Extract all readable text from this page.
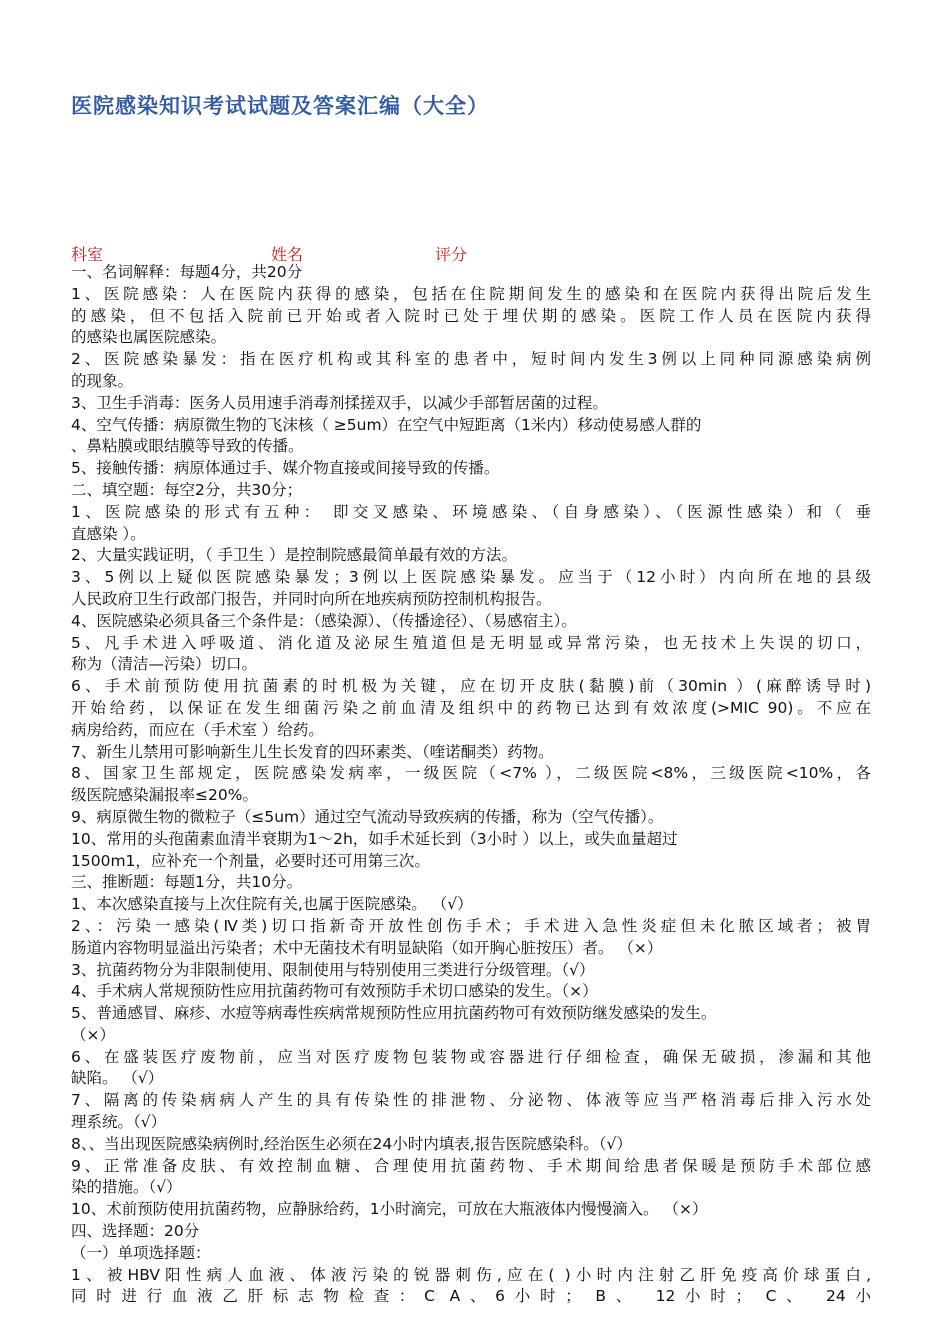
医院感染知识考试试题及答案汇编（大全）
科室	姓名	评分
一、名词解释：每题4分，共20分
1、医院感染：人在医院内获得的感染，包括在住院期间发生的感染和在医院内获得出院后发生
的感染，但不包括入院前已开始或者入院时已处于埋伏期的感染。医院工作人员在医院内获得
的感染也属医院感染。
2、医院感染暴发：指在医疗机构或其科室的患者中，短时间内发生3例以上同种同源感染病例
的现象。
3、卫生手消毒：医务人员用速手消毒剂揉搓双手，以减少手部暂居菌的过程。
4、空气传播：病原微生物的飞沫核（ ≥5um）在空气中短距离（1米内）移动使易感人群的
、鼻粘膜或眼结膜等导致的传播。
5、接触传播：病原体通过手、媒介物直接或间接导致的传播。
二、填空题：每空2分，共30分；
1、医院感染的形式有五种： 即交叉感染、环境感染、（自身感染）、（医源性感染）和（ 垂
直感染 ）。
2、大量实践证明，（ 手卫生 ）是控制院感最简单最有效的方法。
3、5例以上疑似医院感染暴发；3例以上医院感染暴发。应当于（12小时）内向所在地的县级
人民政府卫生行政部门报告，并同时向所在地疾病预防控制机构报告。
4、医院感染必须具备三个条件是：（感染源）、（传播途径）、（易感宿主）。
5、凡手术进入呼吸道、消化道及泌尿生殖道但是无明显或异常污染，也无技术上失误的切口，
称为（清洁—污染）切口。
6、手术前预防使用抗菌素的时机极为关键，应在切开皮肤(黏膜)前（30min ）(麻醉诱导时)
开始给药，以保证在发生细菌污染之前血清及组织中的药物已达到有效浓度(>MIC 90)。不应在
病房给药，而应在（手术室 ）给药。
7、新生儿禁用可影响新生儿生长发育的四环素类、（喹诺酮类）药物。
8、国家卫生部规定，医院感染发病率，一级医院（<7% ），二级医院<8%，三级医院<10%，各
级医院感染漏报率≤20%。
9、病原微生物的微粒子（≤5um）通过空气流动导致疾病的传播，称为（空气传播）。
10、常用的头孢菌素血清半衰期为1～2h，如手术延长到（3小时 ）以上，或失血量超过
1500m1，应补充一个剂量，必要时还可用第三次。
三、推断题：每题1分，共10分。
1、本次感染直接与上次住院有关,也属于医院感染。 （√）
2、：污染一感染(Ⅳ类)切口指新奇开放性创伤手术；手术进入急性炎症但未化脓区域者；被胃
肠道内容物明显溢出污染者；术中无菌技术有明显缺陷（如开胸心脏按压）者。 （×）
3、抗菌药物分为非限制使用、限制使用与特别使用三类进行分级管理。（√）
4、手术病人常规预防性应用抗菌药物可有效预防手术切口感染的发生。（×）
5、普通感冒、麻疹、水痘等病毒性疾病常规预防性应用抗菌药物可有效预防继发感染的发生。
（×）
6、在盛装医疗废物前，应当对医疗废物包装物或容器进行仔细检查，确保无破损，渗漏和其他
缺陷。 （√）
7、隔离的传染病病人产生的具有传染性的排泄物、分泌物、体液等应当严格消毒后排入污水处
理系统。（√）
8、、当出现医院感染病例时,经治医生必须在24小时内填表,报告医院感染科。（√）
9、正常准备皮肤、有效控制血糖、合理使用抗菌药物、手术期间给患者保暖是预防手术部位感
染的措施。（√）
10、术前预防使用抗菌药物，应静脉给药，1小时滴完，可放在大瓶液体内慢慢滴入。 （×）
四、选择题：20分
（一）单项选择题：
1、被HBV阳性病人血液、体液污染的锐器刺伤,应在( )小时内注射乙肝免疫高价球蛋白,
同时进行血液乙肝标志物检查：C A、6小时； B、 12小时； C、 24小
